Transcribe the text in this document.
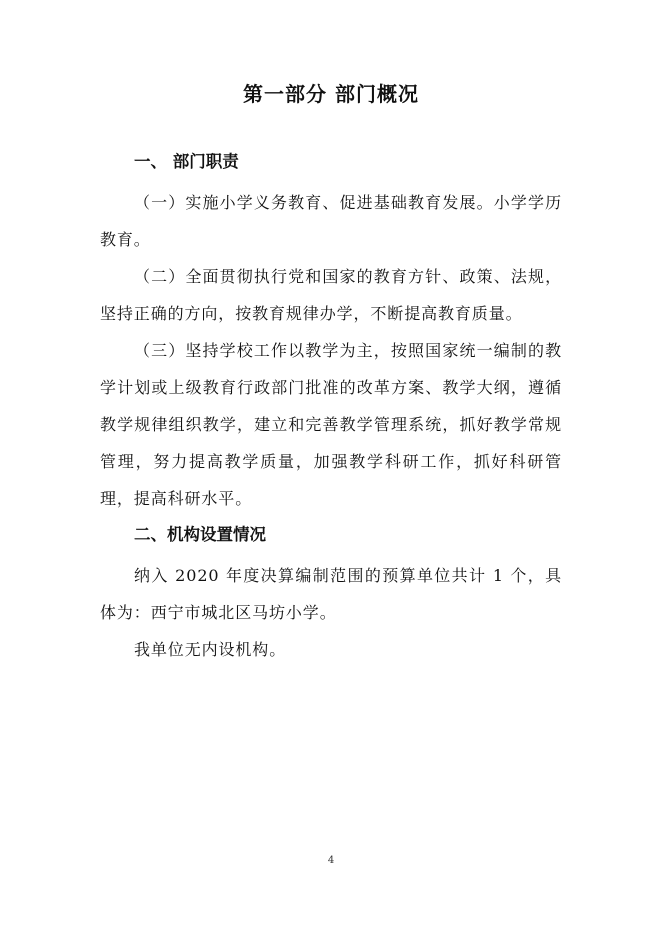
第一部分 部门概况
一、 部门职责

（一）实施小学义务教育、促进基础教育发展。小学学历教育。

（二）全面贯彻执行党和国家的教育方针、政策、法规，坚持正确的方向，按教育规律办学，不断提高教育质量。

（三）坚持学校工作以教学为主，按照国家统一编制的教学计划或上级教育行政部门批准的改革方案、教学大纲，遵循教学规律组织教学，建立和完善教学管理系统，抓好教学常规管理，努力提高教学质量，加强教学科研工作，抓好科研管理，提高科研水平。

二、机构设置情况

纳入 2020 年度决算编制范围的预算单位共计 1 个，具体为：西宁市城北区马坊小学。

我单位无内设机构。

4
